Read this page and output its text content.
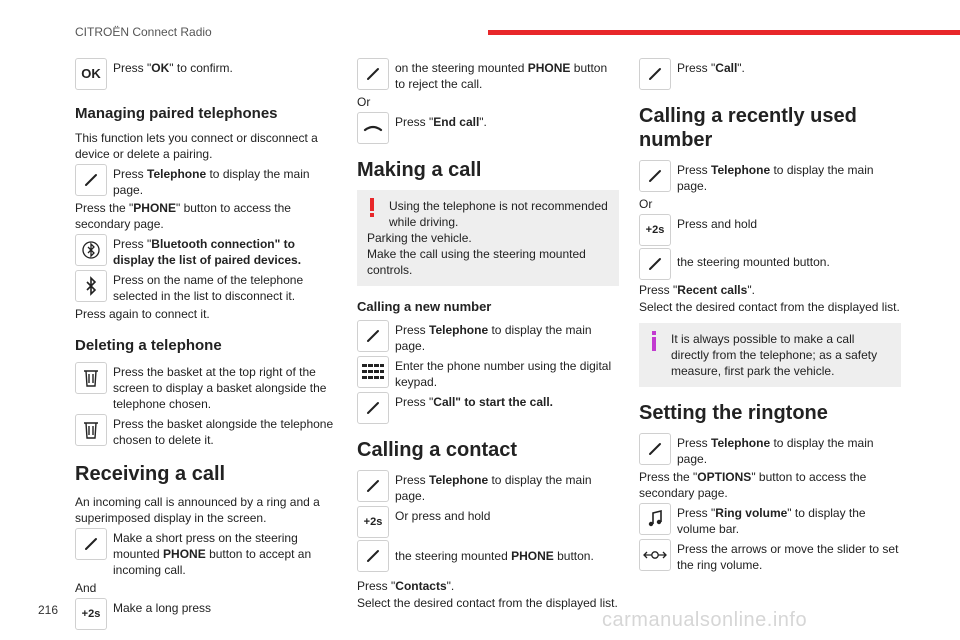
CITROËN Connect Radio
OK Press "OK" to confirm.
Managing paired telephones
This function lets you connect or disconnect a device or delete a pairing.
Press Telephone to display the main page.
Press the "PHONE" button to access the secondary page.
Press "Bluetooth connection" to display the list of paired devices.
Press on the name of the telephone selected in the list to disconnect it.
Press again to connect it.
Deleting a telephone
Press the basket at the top right of the screen to display a basket alongside the telephone chosen.
Press the basket alongside the telephone chosen to delete it.
Receiving a call
An incoming call is announced by a ring and a superimposed display in the screen.
Make a short press on the steering mounted PHONE button to accept an incoming call.
And
+2s Make a long press
on the steering mounted PHONE button to reject the call.
Or
Press "End call".
Making a call
Using the telephone is not recommended while driving.
Parking the vehicle.
Make the call using the steering mounted controls.
Calling a new number
Press Telephone to display the main page.
Enter the phone number using the digital keypad.
Press "Call" to start the call.
Calling a contact
Press Telephone to display the main page.
+2s Or press and hold
the steering mounted PHONE button.
Press "Contacts".
Select the desired contact from the displayed list.
Press "Call".
Calling a recently used number
Press Telephone to display the main page.
Or
+2s Press and hold
the steering mounted button.
Press "Recent calls".
Select the desired contact from the displayed list.
It is always possible to make a call directly from the telephone; as a safety measure, first park the vehicle.
Setting the ringtone
Press Telephone to display the main page.
Press the "OPTIONS" button to access the secondary page.
Press "Ring volume" to display the volume bar.
Press the arrows or move the slider to set the ring volume.
216	carmanualsonline.info
